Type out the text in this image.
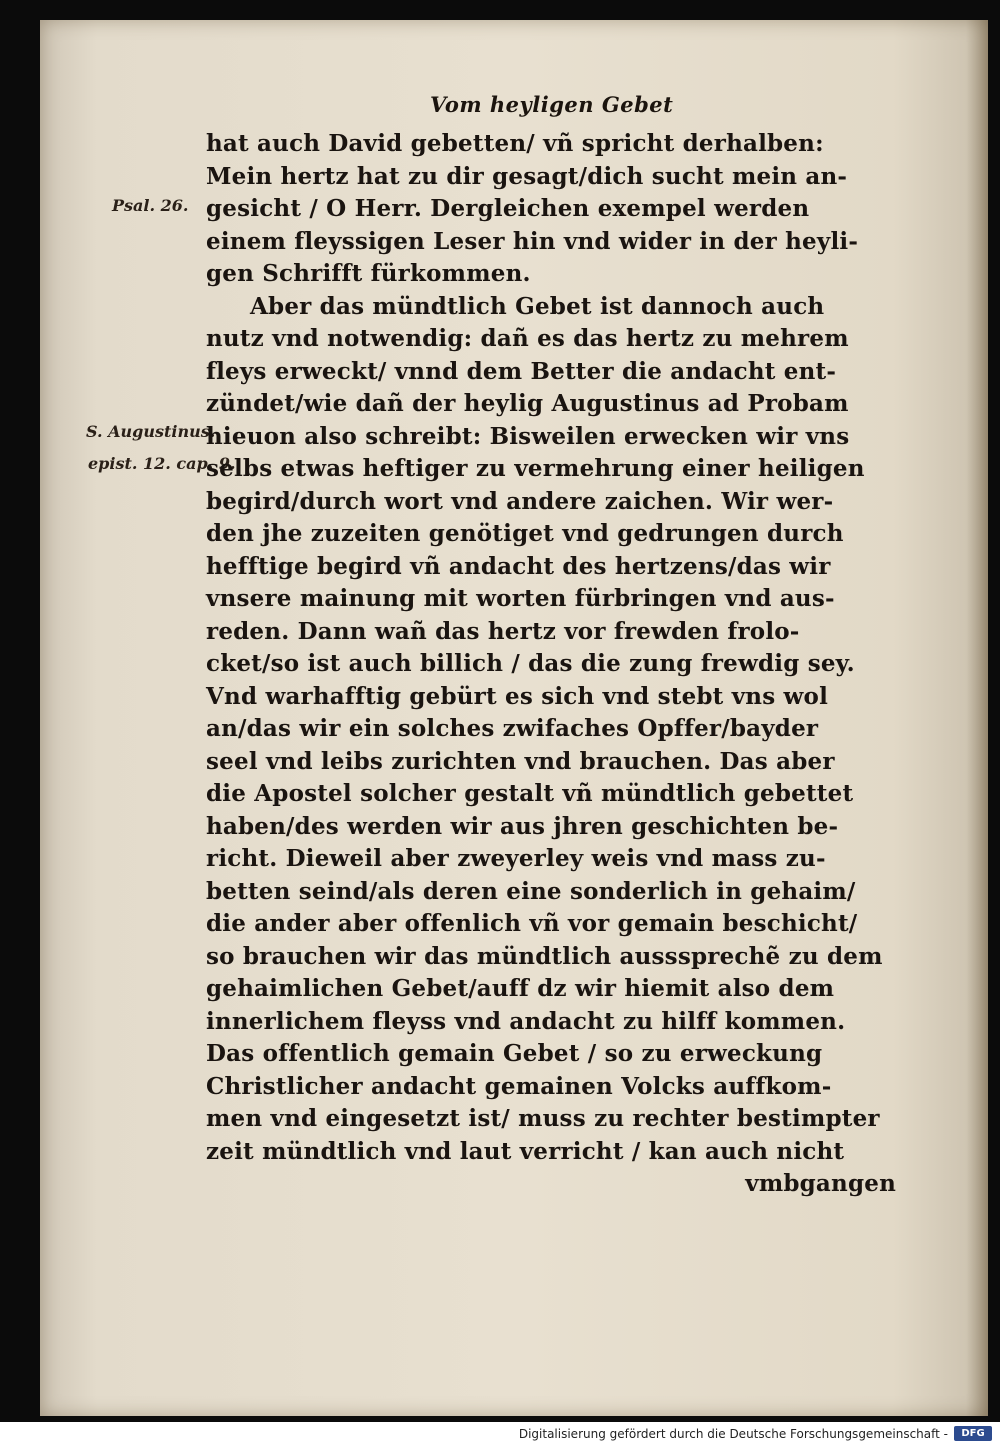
Vom heyligen Gebet
Psal. 26.
S. Augustinus.
epist. 12. cap. 9.
hat auch David gebetten/ vñ spricht derhalben:
Mein hertz hat zu dir gesagt/dich sucht mein an-
gesicht / O Herr. Dergleichen exempel werden
einem fleyssigen Leser hin vnd wider in der heyli-
gen Schrifft fürkommen.
Aber das mündtlich Gebet ist dannoch auch
nutz vnd notwendig: dañ es das hertz zu mehrem
fleys erweckt/ vnnd dem Better die andacht ent-
zündet/wie dañ der heylig Augustinus ad Probam
hieuon also schreibt: Bisweilen erwecken wir vns
selbs etwas heftiger zu vermehrung einer heiligen
begird/durch wort vnd andere zaichen. Wir wer-
den jhe zuzeiten genötiget vnd gedrungen durch
hefftige begird vñ andacht des hertzens/das wir
vnsere mainung mit worten fürbringen vnd aus-
reden. Dann wañ das hertz vor frewden frolo-
cket/so ist auch billich / das die zung frewdig sey.
Vnd warhafftig gebürt es sich vnd stebt vns wol
an/das wir ein solches zwifaches Opffer/bayder
seel vnd leibs zurichten vnd brauchen. Das aber
die Apostel solcher gestalt vñ mündtlich gebettet
haben/des werden wir aus jhren geschichten be-
richt. Dieweil aber zweyerley weis vnd mass zu-
betten seind/als deren eine sonderlich in gehaim/
die ander aber offenlich vñ vor gemain beschicht/
so brauchen wir das mündtlich ausssprechẽ zu dem
gehaimlichen Gebet/auff dz wir hiemit also dem
innerlichem fleyss vnd andacht zu hilff kommen.
Das offentlich gemain Gebet / so zu erweckung
Christlicher andacht gemainen Volcks auffkom-
men vnd eingesetzt ist/ muss zu rechter bestimpter
zeit mündtlich vnd laut verricht / kan auch nicht
vmbgangen
Digitalisierung gefördert durch die Deutsche Forschungsgemeinschaft -	DFG
